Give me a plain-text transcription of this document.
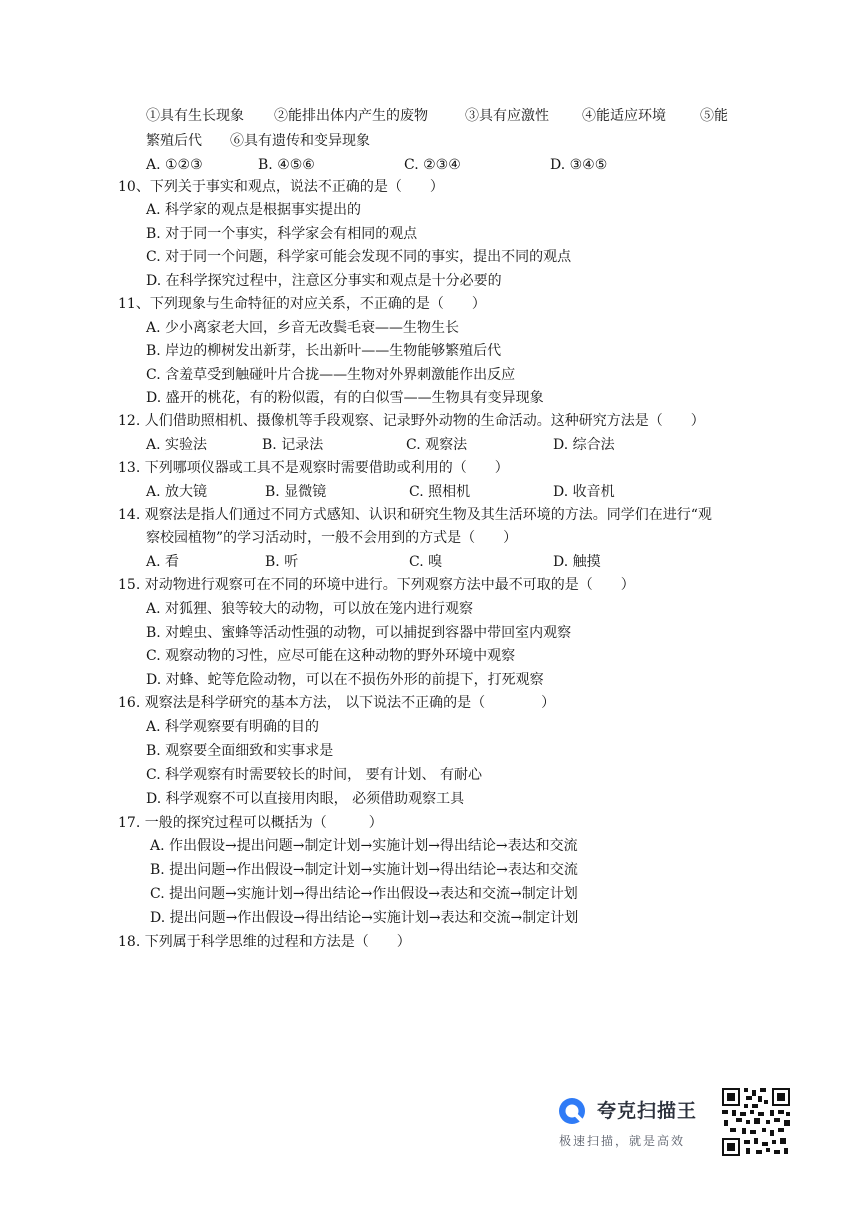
①具有生长现象 ②能排出体内产生的废物	③具有应激性 ④能适应环境 ⑤能
繁殖后代 ⑥具有遗传和变异现象
A. ①②③	B. ④⑤⑥	C. ②③④	D. ③④⑤
10、下列关于事实和观点，说法不正确的是（　　）
A. 科学家的观点是根据事实提出的
B. 对于同一个事实，科学家会有相同的观点
C. 对于同一个问题，科学家可能会发现不同的事实，提出不同的观点
D. 在科学探究过程中，注意区分事实和观点是十分必要的
11、下列现象与生命特征的对应关系，不正确的是（　　）
A. 少小离家老大回，乡音无改鬓毛衰——生物生长
B. 岸边的柳树发出新芽，长出新叶——生物能够繁殖后代
C. 含羞草受到触碰叶片合拢——生物对外界刺激能作出反应
D. 盛开的桃花，有的粉似霞，有的白似雪——生物具有变异现象
12. 人们借助照相机、摄像机等手段观察、记录野外动物的生命活动。这种研究方法是（　　）
A. 实验法	B. 记录法	C. 观察法	D. 综合法
13. 下列哪项仪器或工具不是观察时需要借助或利用的（　　）
A. 放大镜	B. 显微镜	C. 照相机	D. 收音机
14. 观察法是指人们通过不同方式感知、认识和研究生物及其生活环境的方法。同学们在进行“观
察校园植物”的学习活动时，一般不会用到的方式是（　　）
A. 看	B. 听	C. 嗅	D. 触摸
15. 对动物进行观察可在不同的环境中进行。下列观察方法中最不可取的是（　　）
A. 对狐狸、狼等较大的动物，可以放在笼内进行观察
B. 对蝗虫、蜜蜂等活动性强的动物，可以捕捉到容器中带回室内观察
C. 观察动物的习性，应尽可能在这种动物的野外环境中观察
D. 对蜂、蛇等危险动物，可以在不损伤外形的前提下，打死观察
16. 观察法是科学研究的基本方法， 以下说法不正确的是（　　　　）
A. 科学观察要有明确的目的
B. 观察要全面细致和实事求是
C. 科学观察有时需要较长的时间， 要有计划、 有耐心
D. 科学观察不可以直接用肉眼， 必须借助观察工具
17. 一般的探究过程可以概括为（　　　）
A. 作出假设→提出问题→制定计划→实施计划→得出结论→表达和交流
B. 提出问题→作出假设→制定计划→实施计划→得出结论→表达和交流
C. 提出问题→实施计划→得出结论→作出假设→表达和交流→制定计划
D. 提出问题→作出假设→得出结论→实施计划→表达和交流→制定计划
18. 下列属于科学思维的过程和方法是（　　）
夸克扫描王
极速扫描，就是高效
